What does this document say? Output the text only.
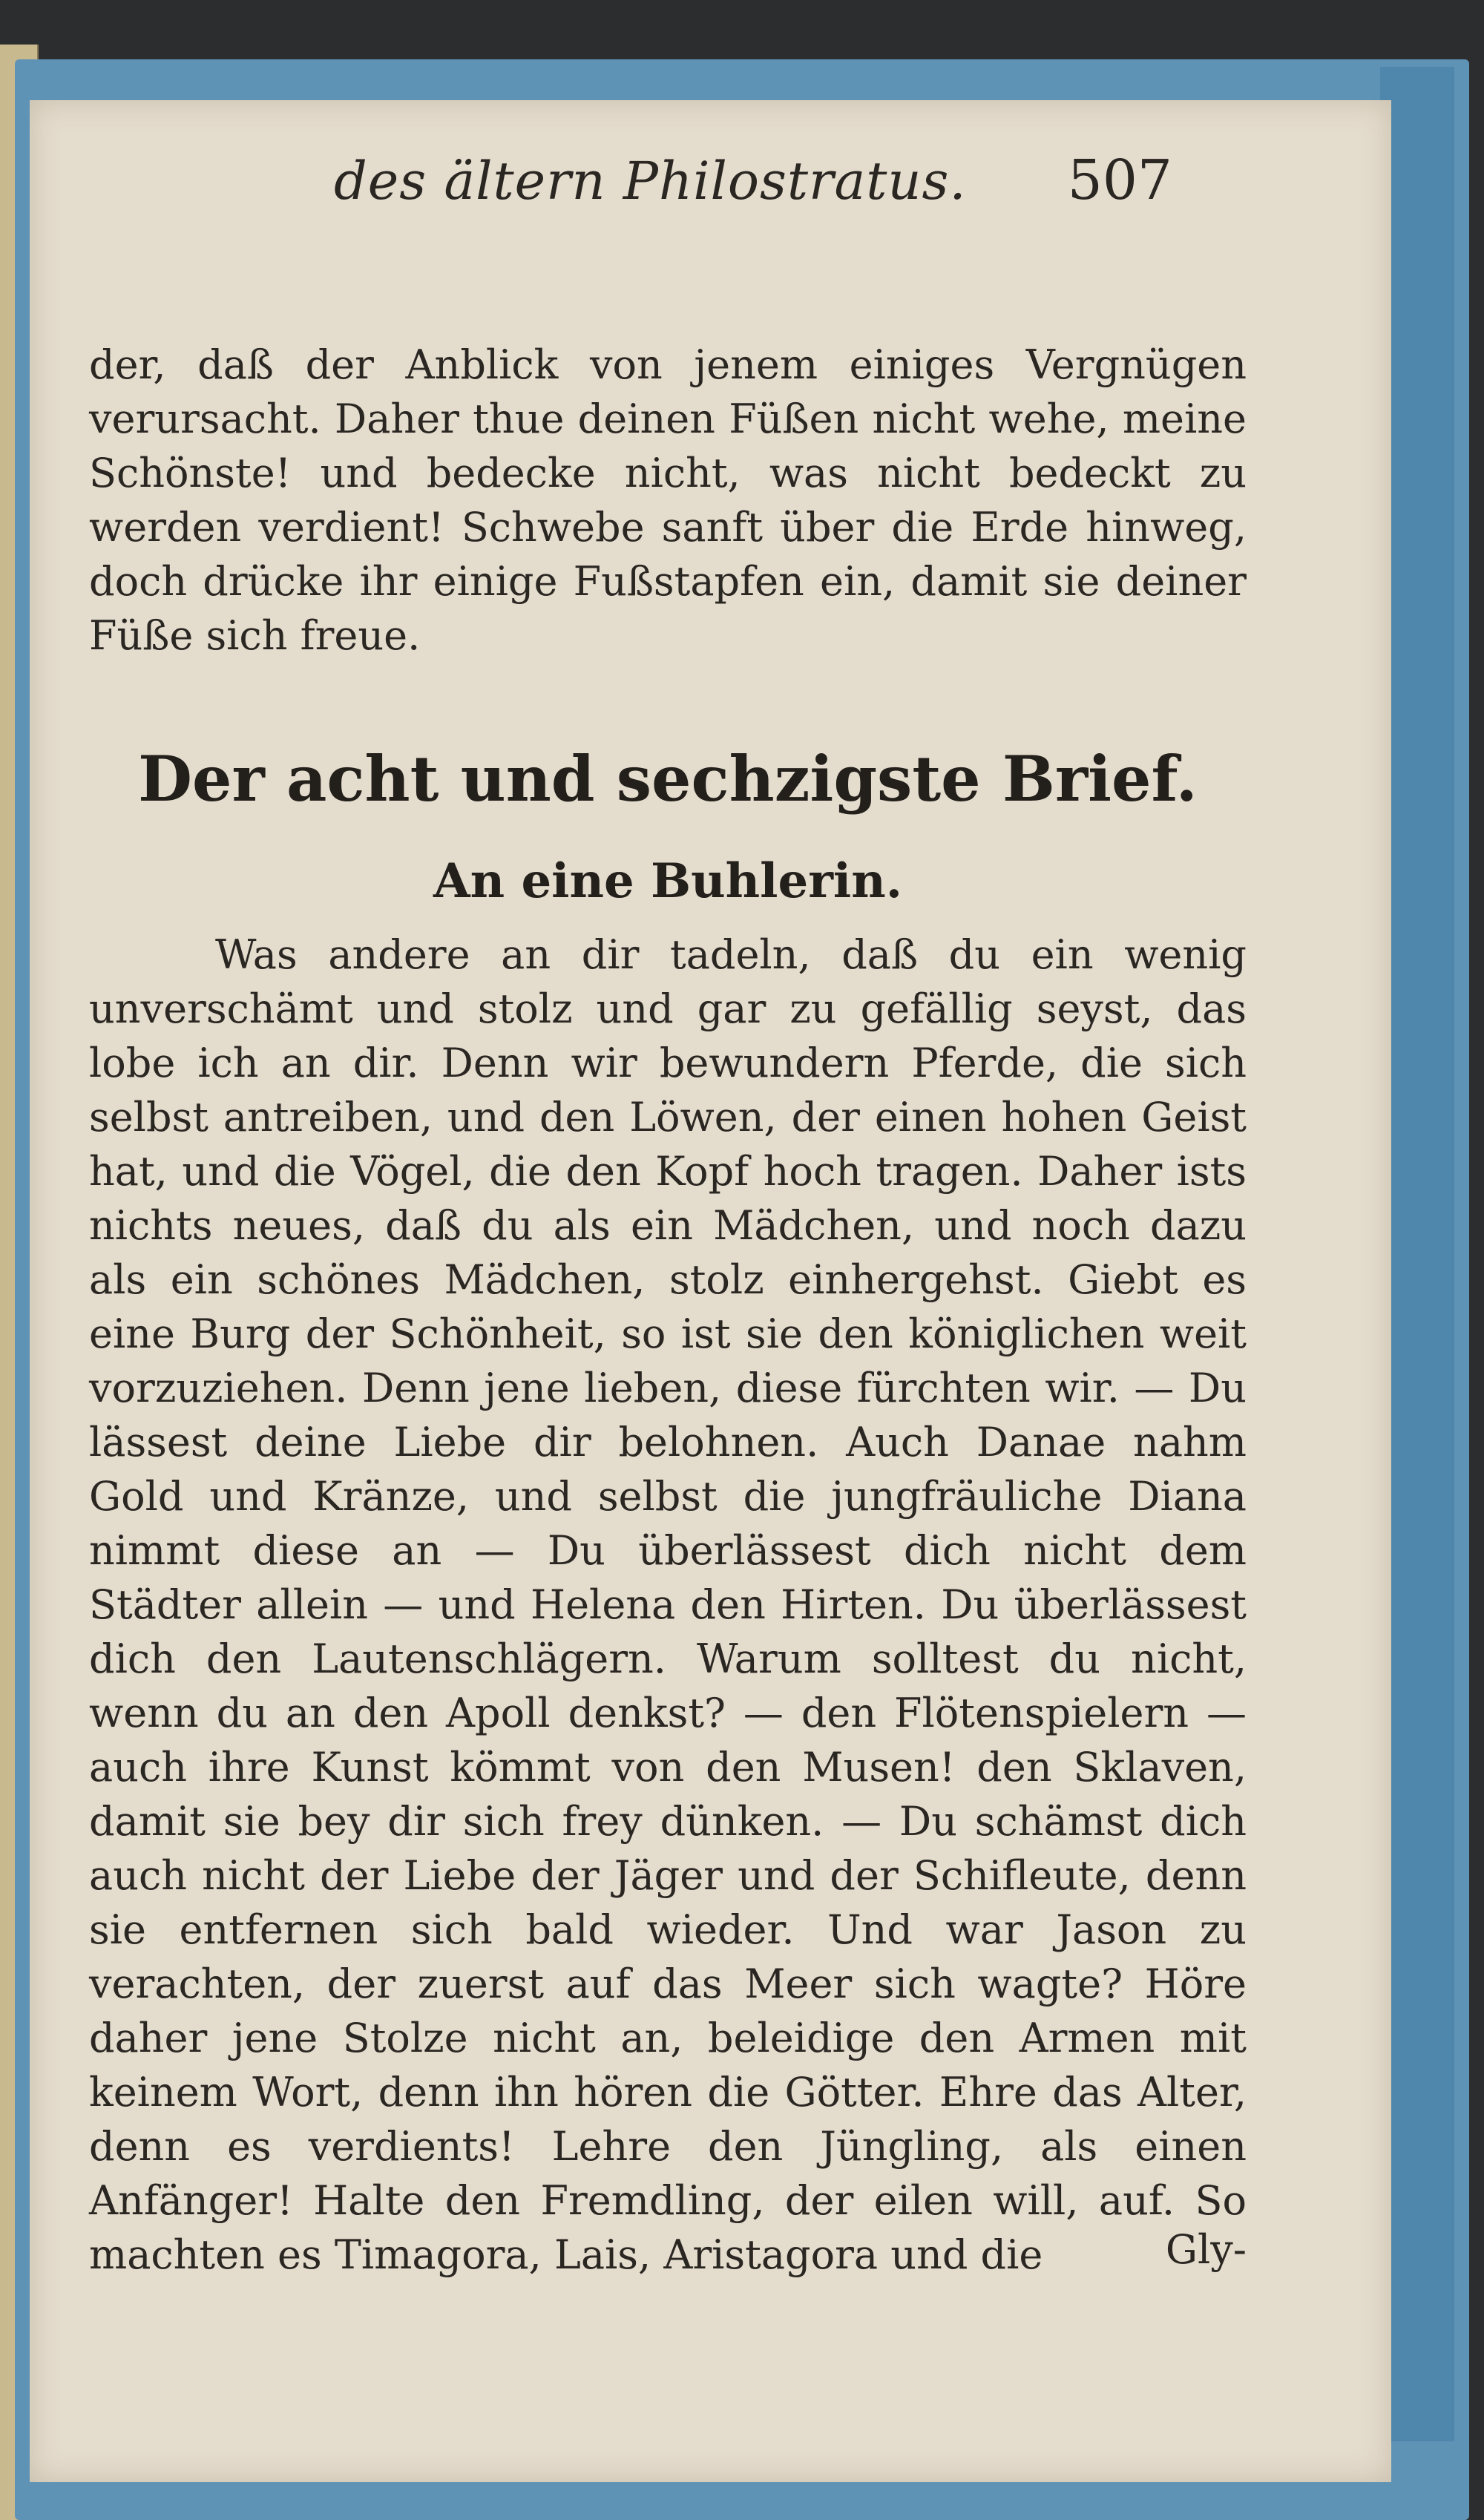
des ältern Philostratus. 507
der, daß der Anblick von jenem einiges Vergnügen verursacht. Daher thue deinen Füßen nicht wehe, meine Schönste! und bedecke nicht, was nicht bedeckt zu werden verdient! Schwebe sanft über die Erde hinweg, doch drücke ihr einige Fußstapfen ein, damit sie deiner Füße sich freue.
Der acht und sechzigste Brief.
An eine Buhlerin.
Was andere an dir tadeln, daß du ein wenig unverschämt und stolz und gar zu gefällig seyst, das lobe ich an dir. Denn wir bewundern Pferde, die sich selbst antreiben, und den Löwen, der einen hohen Geist hat, und die Vögel, die den Kopf hoch tragen. Daher ists nichts neues, daß du als ein Mädchen, und noch dazu als ein schönes Mädchen, stolz einhergehst. Giebt es eine Burg der Schönheit, so ist sie den königlichen weit vorzuziehen. Denn jene lieben, diese fürchten wir. — Du lässest deine Liebe dir belohnen. Auch Danae nahm Gold und Kränze, und selbst die jungfräuliche Diana nimmt diese an — Du überlässest dich nicht dem Städter allein — und Helena den Hirten. Du überlässest dich den Lautenschlägern. Warum solltest du nicht, wenn du an den Apoll denkst? — den Flötenspielern — auch ihre Kunst kömmt von den Musen! den Sklaven, damit sie bey dir sich frey dünken. — Du schämst dich auch nicht der Liebe der Jäger und der Schifleute, denn sie entfernen sich bald wieder. Und war Jason zu verachten, der zuerst auf das Meer sich wagte? Höre daher jene Stolze nicht an, beleidige den Armen mit keinem Wort, denn ihn hören die Götter. Ehre das Alter, denn es verdients! Lehre den Jüngling, als einen Anfänger! Halte den Fremdling, der eilen will, auf. So machten es Timagora, Lais, Aristagora und die	Gly-
